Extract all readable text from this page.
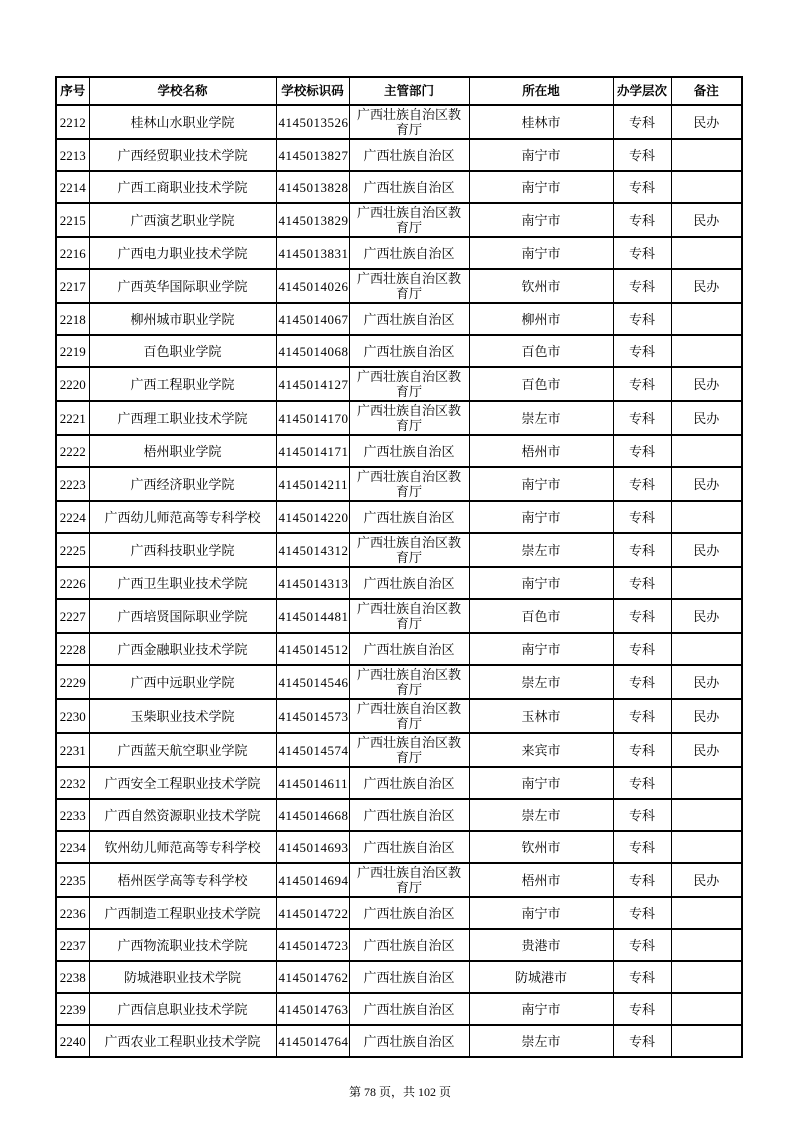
序号	学校名称	学校标识码	主管部门	所在地	办学层次	备注
2212	桂林山水职业学院	4145013526	广西壮族自治区教育厅	桂林市	专科	民办
2213	广西经贸职业技术学院	4145013827	广西壮族自治区	南宁市	专科	
2214	广西工商职业技术学院	4145013828	广西壮族自治区	南宁市	专科	
2215	广西演艺职业学院	4145013829	广西壮族自治区教育厅	南宁市	专科	民办
2216	广西电力职业技术学院	4145013831	广西壮族自治区	南宁市	专科	
2217	广西英华国际职业学院	4145014026	广西壮族自治区教育厅	钦州市	专科	民办
2218	柳州城市职业学院	4145014067	广西壮族自治区	柳州市	专科	
2219	百色职业学院	4145014068	广西壮族自治区	百色市	专科	
2220	广西工程职业学院	4145014127	广西壮族自治区教育厅	百色市	专科	民办
2221	广西理工职业技术学院	4145014170	广西壮族自治区教育厅	崇左市	专科	民办
2222	梧州职业学院	4145014171	广西壮族自治区	梧州市	专科	
2223	广西经济职业学院	4145014211	广西壮族自治区教育厅	南宁市	专科	民办
2224	广西幼儿师范高等专科学校	4145014220	广西壮族自治区	南宁市	专科	
2225	广西科技职业学院	4145014312	广西壮族自治区教育厅	崇左市	专科	民办
2226	广西卫生职业技术学院	4145014313	广西壮族自治区	南宁市	专科	
2227	广西培贤国际职业学院	4145014481	广西壮族自治区教育厅	百色市	专科	民办
2228	广西金融职业技术学院	4145014512	广西壮族自治区	南宁市	专科	
2229	广西中远职业学院	4145014546	广西壮族自治区教育厅	崇左市	专科	民办
2230	玉柴职业技术学院	4145014573	广西壮族自治区教育厅	玉林市	专科	民办
2231	广西蓝天航空职业学院	4145014574	广西壮族自治区教育厅	来宾市	专科	民办
2232	广西安全工程职业技术学院	4145014611	广西壮族自治区	南宁市	专科	
2233	广西自然资源职业技术学院	4145014668	广西壮族自治区	崇左市	专科	
2234	钦州幼儿师范高等专科学校	4145014693	广西壮族自治区	钦州市	专科	
2235	梧州医学高等专科学校	4145014694	广西壮族自治区教育厅	梧州市	专科	民办
2236	广西制造工程职业技术学院	4145014722	广西壮族自治区	南宁市	专科	
2237	广西物流职业技术学院	4145014723	广西壮族自治区	贵港市	专科	
2238	防城港职业技术学院	4145014762	广西壮族自治区	防城港市	专科	
2239	广西信息职业技术学院	4145014763	广西壮族自治区	南宁市	专科	
2240	广西农业工程职业技术学院	4145014764	广西壮族自治区	崇左市	专科	
第 78 页，共 102 页
